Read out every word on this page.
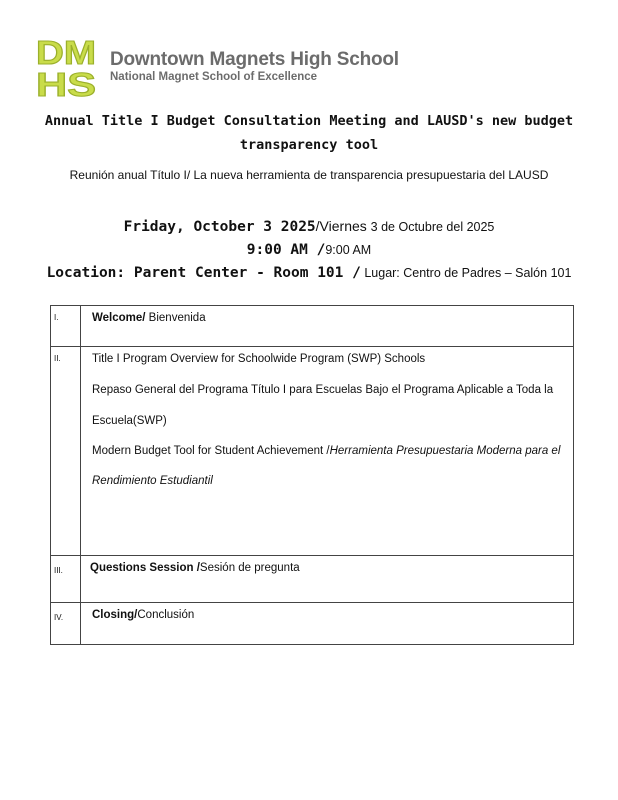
DM
HS
Downtown Magnets High School
National Magnet School of Excellence
Annual Title I Budget Consultation Meeting and LAUSD's new budget
transparency tool
Reunión anual Título I/ La nueva herramienta de transparencia presupuestaria del LAUSD
Friday, October 3 2025/Viernes 3 de Octubre del 2025
9:00 AM /9:00 AM
Location: Parent Center - Room 101 / Lugar: Centro de Padres – Salón 101
I.	Welcome/ Bienvenida

II.	Title I Program Overview for Schoolwide Program (SWP) Schools

Repaso General del Programa Título I para Escuelas Bajo el Programa Aplicable a Toda la

Escuela(SWP)

Modern Budget Tool for Student Achievement /Herramienta Presupuestaria Moderna para el

Rendimiento Estudiantil

III.	Questions Session /Sesión de pregunta

IV.	Closing/Conclusión
